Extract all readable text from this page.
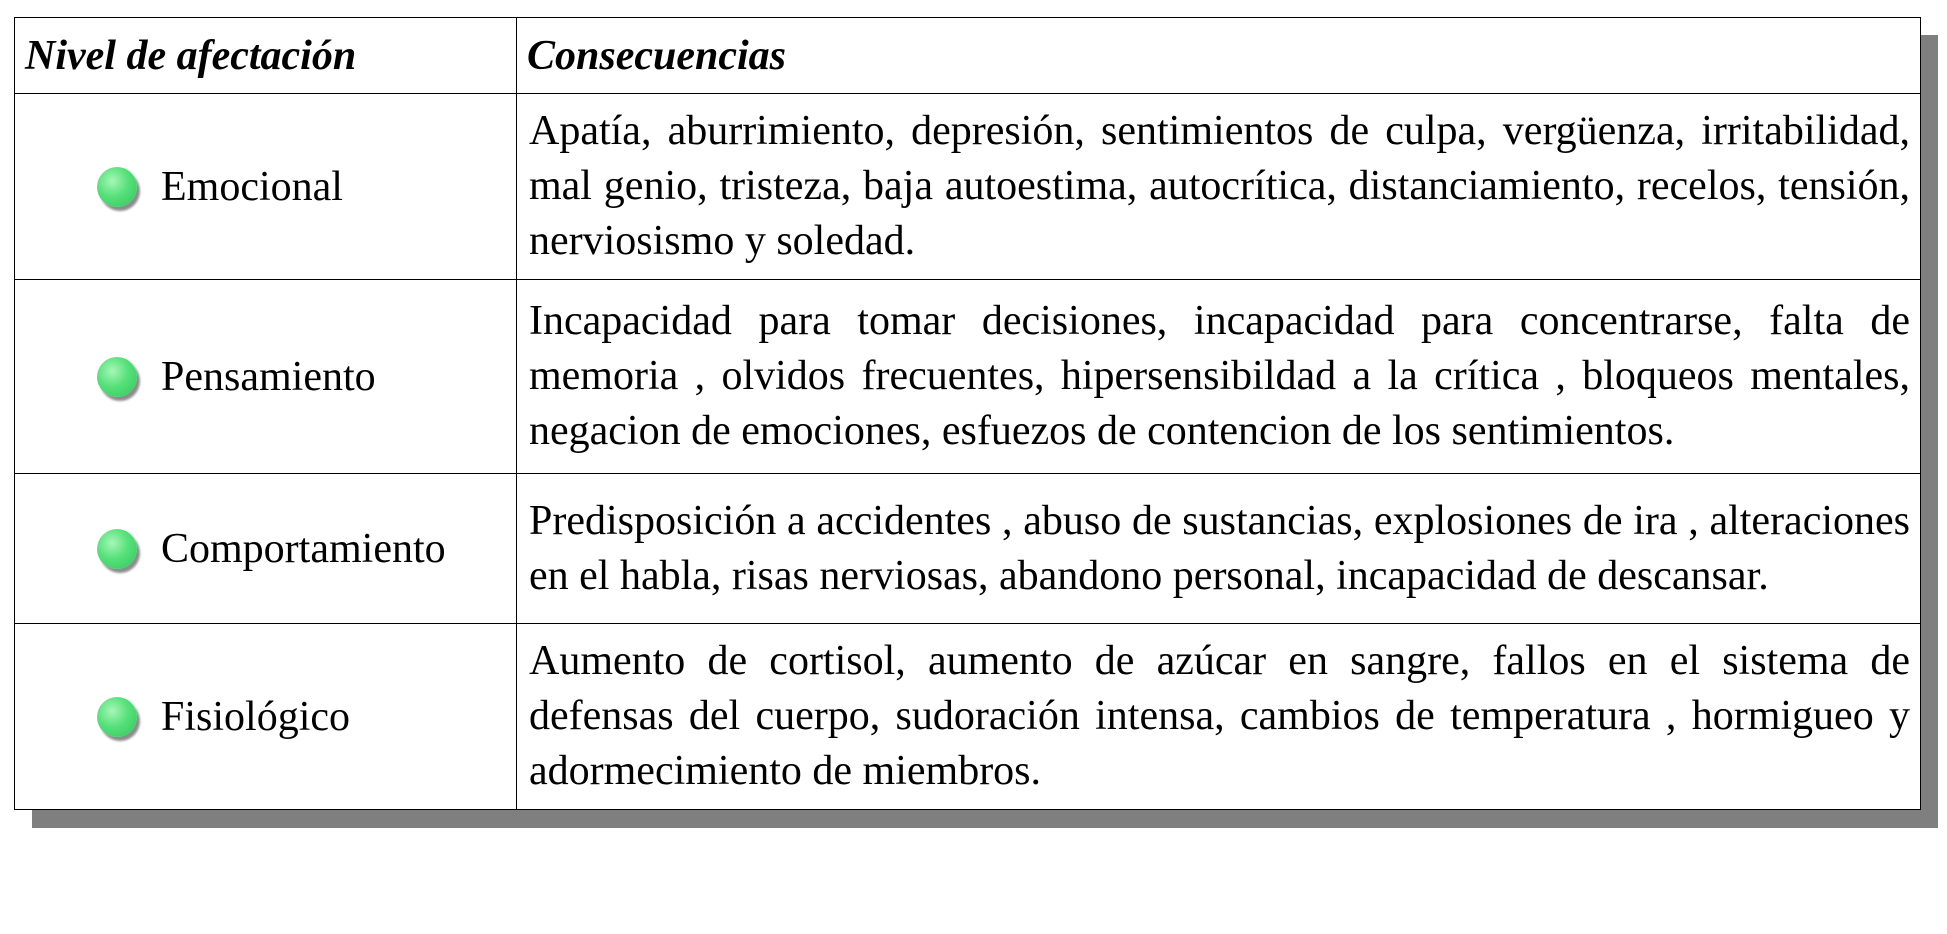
Nivel de afectación	Consecuencias

Emocional	Apatía, aburrimiento, depresión, sentimientos de culpa, vergüenza, irritabilidad, mal genio, tristeza, baja autoestima, autocrítica, distanciamiento, recelos, tensión, nerviosismo y soledad.

Pensamiento	Incapacidad para tomar decisiones, incapacidad para concentrarse, falta de memoria , olvidos frecuentes, hipersensibildad a la crítica , bloqueos mentales, negacion de emociones, esfuezos de contencion de los sentimientos.

Comportamiento	Predisposición a accidentes , abuso de sustancias, explosiones de ira , alteraciones en el habla, risas nerviosas, abandono personal, incapacidad de descansar.

Fisiológico	Aumento de cortisol, aumento de azúcar en sangre, fallos en el sistema de defensas del cuerpo, sudoración intensa, cambios de temperatura , hormigueo y adormecimiento de miembros.
